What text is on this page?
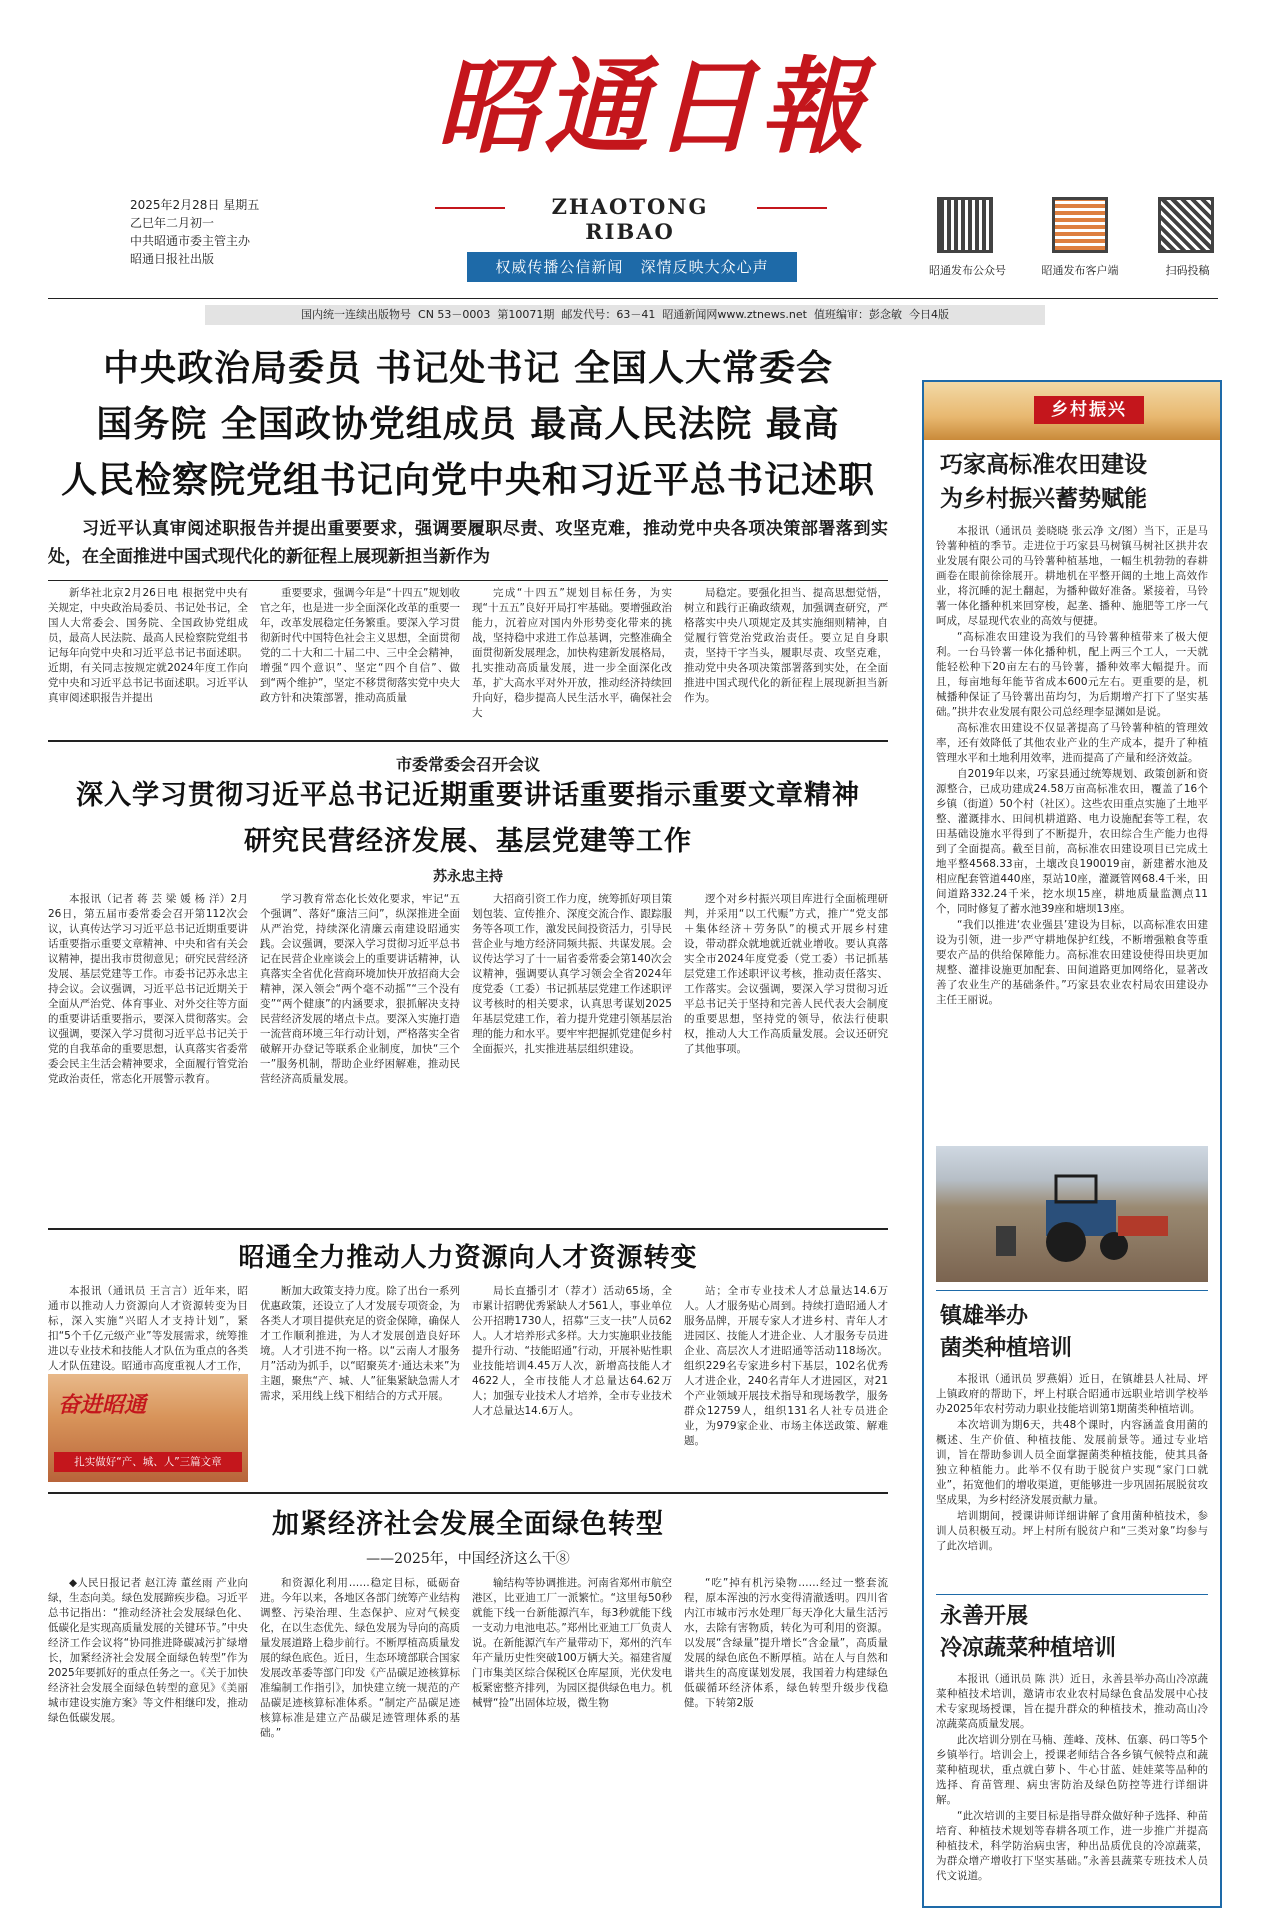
昭通日報
ZHAOTONG RIBAO
2025年2月28日 星期五
乙巳年二月初一
中共昭通市委主管主办
昭通日报社出版	权威传播公信新闻   深情反映大众心声	昭通发布公众号	昭通发布客户端	扫码投稿
国内统一连续出版物号  CN 53－0003  第10071期  邮发代号：63－41  昭通新闻网www.ztnews.net  值班编审：彭念敏  今日4版
中央政治局委员 书记处书记 全国人大常委会
国务院 全国政协党组成员 最高人民法院 最高
人民检察院党组书记向党中央和习近平总书记述职
习近平认真审阅述职报告并提出重要要求，强调要履职尽责、攻坚克难，推动党中央各项决策部署落到实处，在全面推进中国式现代化的新征程上展现新担当新作为

新华社北京2月26日电 根据党中央有关规定，中央政治局委员、书记处书记，全国人大常委会、国务院、全国政协党组成员，最高人民法院、最高人民检察院党组书记每年向党中央和习近平总书记书面述职。近期，有关同志按规定就2024年度工作向党中央和习近平总书记书面述职。习近平认真审阅述职报告并提出

重要要求，强调今年是“十四五”规划收官之年，也是进一步全面深化改革的重要一年，改革发展稳定任务繁重。要深入学习贯彻新时代中国特色社会主义思想，全面贯彻党的二十大和二十届二中、三中全会精神，增强“四个意识”、坚定“四个自信”、做到“两个维护”，坚定不移贯彻落实党中央大政方针和决策部署，推动高质量

完成“十四五”规划目标任务，为实现“十五五”良好开局打牢基础。要增强政治能力，沉着应对国内外形势变化带来的挑战，坚持稳中求进工作总基调，完整准确全面贯彻新发展理念，加快构建新发展格局，扎实推动高质量发展，进一步全面深化改革，扩大高水平对外开放，推动经济持续回升向好，稳步提高人民生活水平，确保社会大

局稳定。要强化担当、提高思想觉悟，树立和践行正确政绩观，加强调查研究，严格落实中央八项规定及其实施细则精神，自觉履行管党治党政治责任。要立足自身职责，坚持干字当头，履职尽责、攻坚克难，推动党中央各项决策部署落到实处，在全面推进中国式现代化的新征程上展现新担当新作为。

市委常委会召开会议
深入学习贯彻习近平总书记近期重要讲话重要指示重要文章精神
研究民营经济发展、基层党建等工作
苏永忠主持

本报讯（记者 蒋 芸 梁 媛 杨 洋）2月26日，第五届市委常委会召开第112次会议，认真传达学习习近平总书记近期重要讲话重要指示重要文章精神、中央和省有关会议精神，提出我市贯彻意见；研究民营经济发展、基层党建等工作。市委书记苏永忠主持会议。会议强调，习近平总书记近期关于全面从严治党、体育事业、对外交往等方面的重要讲话重要指示，要深入贯彻落实。会议强调，要深入学习贯彻习近平总书记关于党的自我革命的重要思想，认真落实省委常委会民主生活会精神要求，全面履行管党治党政治责任，常态化开展警示教育。

学习教育常态化长效化要求，牢记“五个强调”、落好“廉洁三问”，纵深推进全面从严治党，持续深化清廉云南建设昭通实践。会议强调，要深入学习贯彻习近平总书记在民营企业座谈会上的重要讲话精神，认真落实全省优化营商环境加快开放招商大会精神，深入领会“两个毫不动摇”“三个没有变”“两个健康”的内涵要求，狠抓解决支持民营经济发展的堵点卡点。要深入实施打造一流营商环境三年行动计划，严格落实全省破解开办登记等联系企业制度，加快“三个一”服务机制，帮助企业纾困解难，推动民营经济高质量发展。

大招商引资工作力度，统筹抓好项目策划包装、宣传推介、深度交流合作、跟踪服务等各项工作，激发民间投资活力，引导民营企业与地方经济同频共振、共谋发展。会议传达学习了十一届省委常委会第140次会议精神，强调要认真学习领会全省2024年度党委（工委）书记抓基层党建工作述职评议考核时的相关要求，认真思考谋划2025年基层党建工作，着力提升党建引领基层治理的能力和水平。要牢牢把握抓党建促乡村全面振兴，扎实推进基层组织建设。

逻个对乡村振兴项目库进行全面梳理研判，并采用“以工代赈”方式，推广“党支部＋集体经济＋劳务队”的模式开展乡村建设，带动群众就地就近就业增收。要认真落实全市2024年度党委（党工委）书记抓基层党建工作述职评议考核，推动责任落实、工作落实。会议强调，要深入学习贯彻习近平总书记关于坚持和完善人民代表大会制度的重要思想，坚持党的领导，依法行使职权，推动人大工作高质量发展。会议还研究了其他事项。

昭通全力推动人力资源向人才资源转变

本报讯（通讯员 王言言）近年来，昭通市以推动人力资源向人才资源转变为目标，深入实施“兴昭人才支持计划”，紧扣“5个千亿元级产业”等发展需求，统筹推进以专业技术和技能人才队伍为重点的各类人才队伍建设。昭通市高度重视人才工作，

奋进昭通
扎实做好“产、城、人”三篇文章

断加大政策支持力度。除了出台一系列优惠政策，还设立了人才发展专项资金，为各类人才项目提供充足的资金保障，确保人才工作顺利推进，为人才发展创造良好环境。人才引进不拘一格。以“云南人才服务月”活动为抓手，以“昭聚英才·通达未来”为主题，聚焦“产、城、人”征集紧缺急需人才需求，采用线上线下相结合的方式开展。

局长直播引才（荐才）活动65场，全市累计招聘优秀紧缺人才561人，事业单位公开招聘1730人，招募“三支一扶”人员62人。人才培养形式多样。大力实施职业技能提升行动、“技能昭通”行动，开展补贴性职业技能培训4.45万人次，新增高技能人才4622人，全市技能人才总量达64.62万人；加强专业技术人才培养，全市专业技术人才总量达14.6万人。

站；全市专业技术人才总量达14.6万人。人才服务贴心周到。持续打造昭通人才服务品牌，开展专家人才进乡村、青年人才进园区、技能人才进企业、人才服务专员进企业、高层次人才进昭通等活动118场次。组织229名专家进乡村下基层，102名优秀人才进企业，240名青年人才进园区，对21个产业领域开展技术指导和现场教学，服务群众12759人，组织131名人社专员进企业，为979家企业、市场主体送政策、解难题。

加紧经济社会发展全面绿色转型
——2025年，中国经济这么干⑧

◆人民日报记者 赵江涛 董丝雨 产业向绿，生态向美。绿色发展蹄疾步稳。习近平总书记指出：“推动经济社会发展绿色化、低碳化是实现高质量发展的关键环节。”中央经济工作会议将“协同推进降碳减污扩绿增长，加紧经济社会发展全面绿色转型”作为2025年要抓好的重点任务之一。《关于加快经济社会发展全面绿色转型的意见》《美丽城市建设实施方案》等文件相继印发，推动绿色低碳发展。

和资源化利用……稳定目标，砥砺奋进。今年以来，各地区各部门统筹产业结构调整、污染治理、生态保护、应对气候变化，在以生态优先、绿色发展为导向的高质量发展道路上稳步前行。不断厚植高质量发展的绿色底色。近日，生态环境部联合国家发展改革委等部门印发《产品碳足迹核算标准编制工作指引》，加快建立统一规范的产品碳足迹核算标准体系。“制定产品碳足迹核算标准是建立产品碳足迹管理体系的基础。”

输结构等协调推进。河南省郑州市航空港区，比亚迪工厂一派繁忙。“这里每50秒就能下线一台新能源汽车，每3秒就能下线一支动力电池电芯。”郑州比亚迪工厂负责人说。在新能源汽车产量带动下，郑州的汽车年产量历史性突破100万辆大关。福建省厦门市集美区综合保税区仓库屋顶，光伏发电板紧密整齐排列，为园区提供绿色电力。机械臂“捡”出固体垃圾，微生物

“吃”掉有机污染物……经过一整套流程，原本浑浊的污水变得清澈透明。四川省内江市城市污水处理厂每天净化大量生活污水，去除有害物质，转化为可利用的资源。以发展“含绿量”提升增长“含金量”，高质量发展的绿色底色不断厚植。站在人与自然和谐共生的高度谋划发展，我国着力构建绿色低碳循环经济体系，绿色转型升级步伐稳健。下转第2版

乡村振兴
巧家高标准农田建设
为乡村振兴蓄势赋能

本报讯（通讯员 姜晓晓 张云净 文/图）当下，正是马铃薯种植的季节。走进位于巧家县马树镇马树社区拱井农业发展有限公司的马铃薯种植基地，一幅生机勃勃的春耕画卷在眼前徐徐展开。耕地机在平整开阔的土地上高效作业，将沉睡的泥土翻起，为播种做好准备。紧接着，马铃薯一体化播种机来回穿梭，起垄、播种、施肥等工序一气呵成，尽显现代农业的高效与便捷。

“高标准农田建设为我们的马铃薯种植带来了极大便利。一台马铃薯一体化播种机，配上两三个工人，一天就能轻松种下20亩左右的马铃薯，播种效率大幅提升。而且，每亩地每年能节省成本600元左右。更重要的是，机械播种保证了马铃薯出苗均匀，为后期增产打下了坚实基础。”拱井农业发展有限公司总经理李显渊如是说。

高标准农田建设不仅显著提高了马铃薯种植的管理效率，还有效降低了其他农业产业的生产成本，提升了种植管理水平和土地利用效率，进而提高了产量和经济效益。

自2019年以来，巧家县通过统筹规划、政策创新和资源整合，已成功建成24.58万亩高标准农田，覆盖了16个乡镇（街道）50个村（社区）。这些农田重点实施了土地平整、灌溉排水、田间机耕道路、电力设施配套等工程，农田基础设施水平得到了不断提升，农田综合生产能力也得到了全面提高。截至目前，高标准农田建设项目已完成土地平整4568.33亩，土壤改良190019亩，新建蓄水池及相应配套管道440座，泵站10座，灌溉管网68.4千米，田间道路332.24千米，挖水坝15座，耕地质量监测点11个，同时修复了蓄水池39座和塘坝13座。

“我们以推进‘农业强县’建设为目标，以高标准农田建设为引领，进一步严守耕地保护红线，不断增强粮食等重要农产品的供给保障能力。高标准农田建设使得田块更加规整、灌排设施更加配套、田间道路更加网络化，显著改善了农业生产的基础条件。”巧家县农业农村局农田建设办主任王丽说。

镇雄举办
菌类种植培训

本报讯（通讯员 罗燕娟）近日，在镇雄县人社局、坪上镇政府的帮助下，坪上村联合昭通市远职业培训学校举办2025年农村劳动力职业技能培训第1期菌类种植培训。

本次培训为期6天，共48个课时，内容涵盖食用菌的概述、生产价值、种植技能、发展前景等。通过专业培训，旨在帮助参训人员全面掌握菌类种植技能，使其具备独立种植能力。此举不仅有助于脱贫户实现“家门口就业”，拓宽他们的增收渠道，更能够进一步巩固拓展脱贫攻坚成果，为乡村经济发展贡献力量。

培训期间，授课讲师详细讲解了食用菌种植技术，参训人员积极互动。坪上村所有脱贫户和“三类对象”均参与了此次培训。

永善开展
冷凉蔬菜种植培训

本报讯（通讯员 陈 洪）近日，永善县举办高山冷凉蔬菜种植技术培训，邀请市农业农村局绿色食品发展中心技术专家现场授课，旨在提升群众的种植技术，推动高山冷凉蔬菜高质量发展。

此次培训分别在马楠、莲峰、茂林、伍寨、码口等5个乡镇举行。培训会上，授课老师结合各乡镇气候特点和蔬菜种植现状，重点就白萝卜、牛心甘蓝、娃娃菜等品种的选择、育苗管理、病虫害防治及绿色防控等进行详细讲解。

“此次培训的主要目标是指导群众做好种子选择、种苗培育、种植技术规划等春耕各项工作，进一步推广并提高种植技术，科学防治病虫害，种出品质优良的冷凉蔬菜，为群众增产增收打下坚实基础。”永善县蔬菜专班技术人员代文说道。
